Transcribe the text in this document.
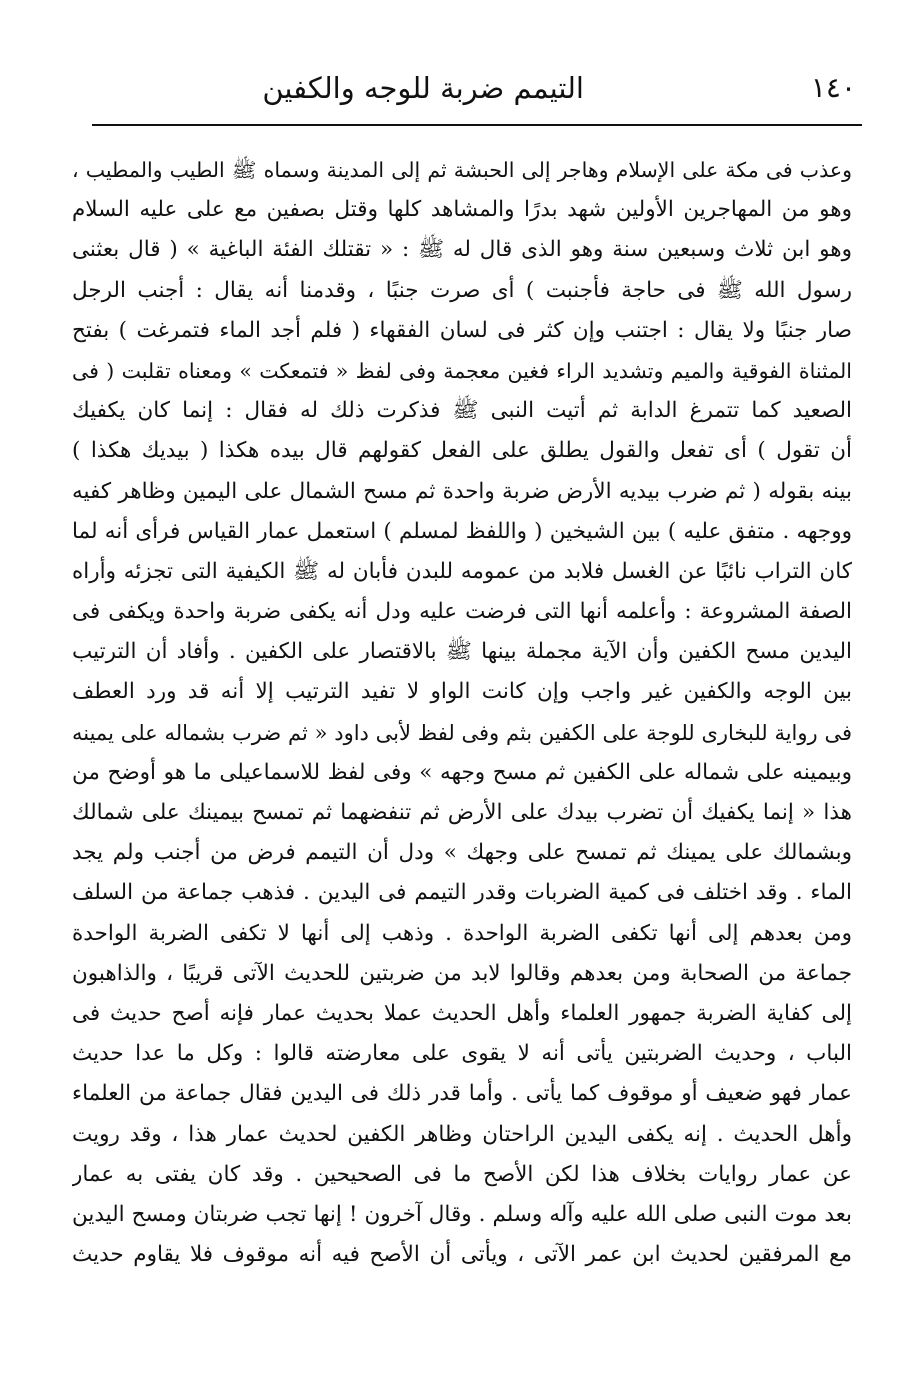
١٤٠
التيمم ضربة للوجه والكفين
وعذب فى مكة على الإسلام وهاجر إلى الحبشة ثم إلى المدينة وسماه ﷺ الطيب والمطيب ،
وهو من المهاجرين الأولين شهد بدرًا والمشاهد كلها وقتل بصفين مع على عليه السلام
وهو ابن ثلاث وسبعين سنة وهو الذى قال له ﷺ : « تقتلك الفئة الباغية » ( قال بعثنى
رسول الله ﷺ فى حاجة فأجنبت ) أى صرت جنبًا ، وقدمنا أنه يقال : أجنب الرجل
صار جنبًا ولا يقال : اجتنب وإن كثر فى لسان الفقهاء ( فلم أجد الماء فتمرغت ) بفتح
المثناة الفوقية والميم وتشديد الراء فغين معجمة وفى لفظ « فتمعكت » ومعناه تقلبت ( فى
الصعيد كما تتمرغ الدابة ثم أتيت النبى ﷺ فذكرت ذلك له فقال : إنما كان يكفيك
أن تقول ) أى تفعل والقول يطلق على الفعل كقولهم قال بيده هكذا ( بيديك هكذا )
بينه بقوله ( ثم ضرب بيديه الأرض ضربة واحدة ثم مسح الشمال على اليمين وظاهر كفيه
ووجهه . متفق عليه ) بين الشيخين ( واللفظ لمسلم ) استعمل عمار القياس فرأى أنه لما
كان التراب نائبًا عن الغسل فلابد من عمومه للبدن فأبان له ﷺ الكيفية التى تجزئه وأراه
الصفة المشروعة : وأعلمه أنها التى فرضت عليه ودل أنه يكفى ضربة واحدة ويكفى فى
اليدين مسح الكفين وأن الآية مجملة بينها ﷺ بالاقتصار على الكفين . وأفاد أن الترتيب
بين الوجه والكفين غير واجب وإن كانت الواو لا تفيد الترتيب إلا أنه قد ورد العطف
فى رواية للبخارى للوجة على الكفين بثم وفى لفظ لأبى داود « ثم ضرب بشماله على يمينه
وبيمينه على شماله على الكفين ثم مسح وجهه » وفى لفظ للاسماعيلى ما هو أوضح من
هذا « إنما يكفيك أن تضرب بيدك على الأرض ثم تنفضهما ثم تمسح بيمينك على شمالك
وبشمالك على يمينك ثم تمسح على وجهك » ودل أن التيمم فرض من أجنب ولم يجد
الماء . وقد اختلف فى كمية الضربات وقدر التيمم فى اليدين . فذهب جماعة من السلف
ومن بعدهم إلى أنها تكفى الضربة الواحدة . وذهب إلى أنها لا تكفى الضربة الواحدة
جماعة من الصحابة ومن بعدهم وقالوا لابد من ضربتين للحديث الآتى قريبًا ، والذاهبون
إلى كفاية الضربة جمهور العلماء وأهل الحديث عملا بحديث عمار فإنه أصح حديث فى
الباب ، وحديث الضربتين يأتى أنه لا يقوى على معارضته قالوا : وكل ما عدا حديث
عمار فهو ضعيف أو موقوف كما يأتى . وأما قدر ذلك فى اليدين فقال جماعة من العلماء
وأهل الحديث . إنه يكفى اليدين الراحتان وظاهر الكفين لحديث عمار هذا ، وقد رويت
عن عمار روايات بخلاف هذا لكن الأصح ما فى الصحيحين . وقد كان يفتى به عمار
بعد موت النبى صلى الله عليه وآله وسلم . وقال آخرون ! إنها تجب ضربتان ومسح اليدين
مع المرفقين لحديث ابن عمر الآتى ، ويأتى أن الأصح فيه أنه موقوف فلا يقاوم حديث
